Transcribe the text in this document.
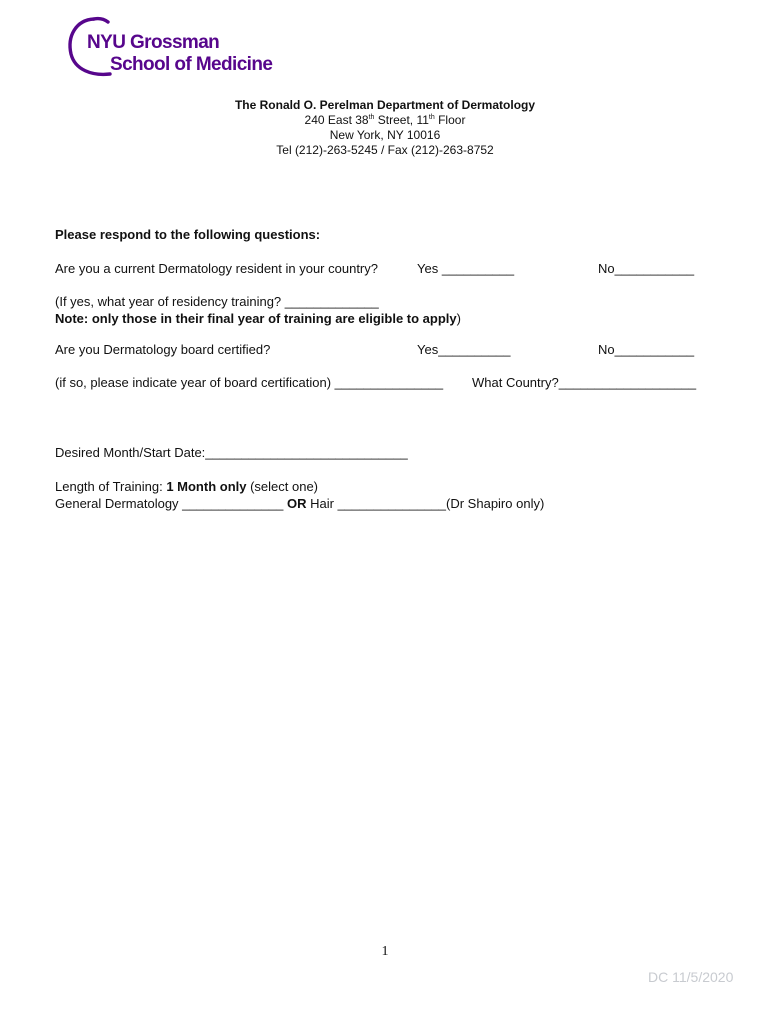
NYU Grossman
School of Medicine
The Ronald O. Perelman Department of Dermatology
240 East 38th Street, 11th Floor
New York, NY 10016
Tel (212)-263-5245 / Fax (212)-263-8752
Please respond to the following questions:
Are you a current Dermatology resident in your country?	Yes __________	No___________
(If yes, what year of residency training? _____________
Note: only those in their final year of training are eligible to apply)
Are you Dermatology board certified?	Yes__________	No___________
(if so, please indicate year of board certification) _______________ What Country?___________________
Desired Month/Start Date:____________________________
Length of Training: 1 Month only (select one)
General Dermatology ______________ OR Hair _______________(Dr Shapiro only)
1
DC 11/5/2020
